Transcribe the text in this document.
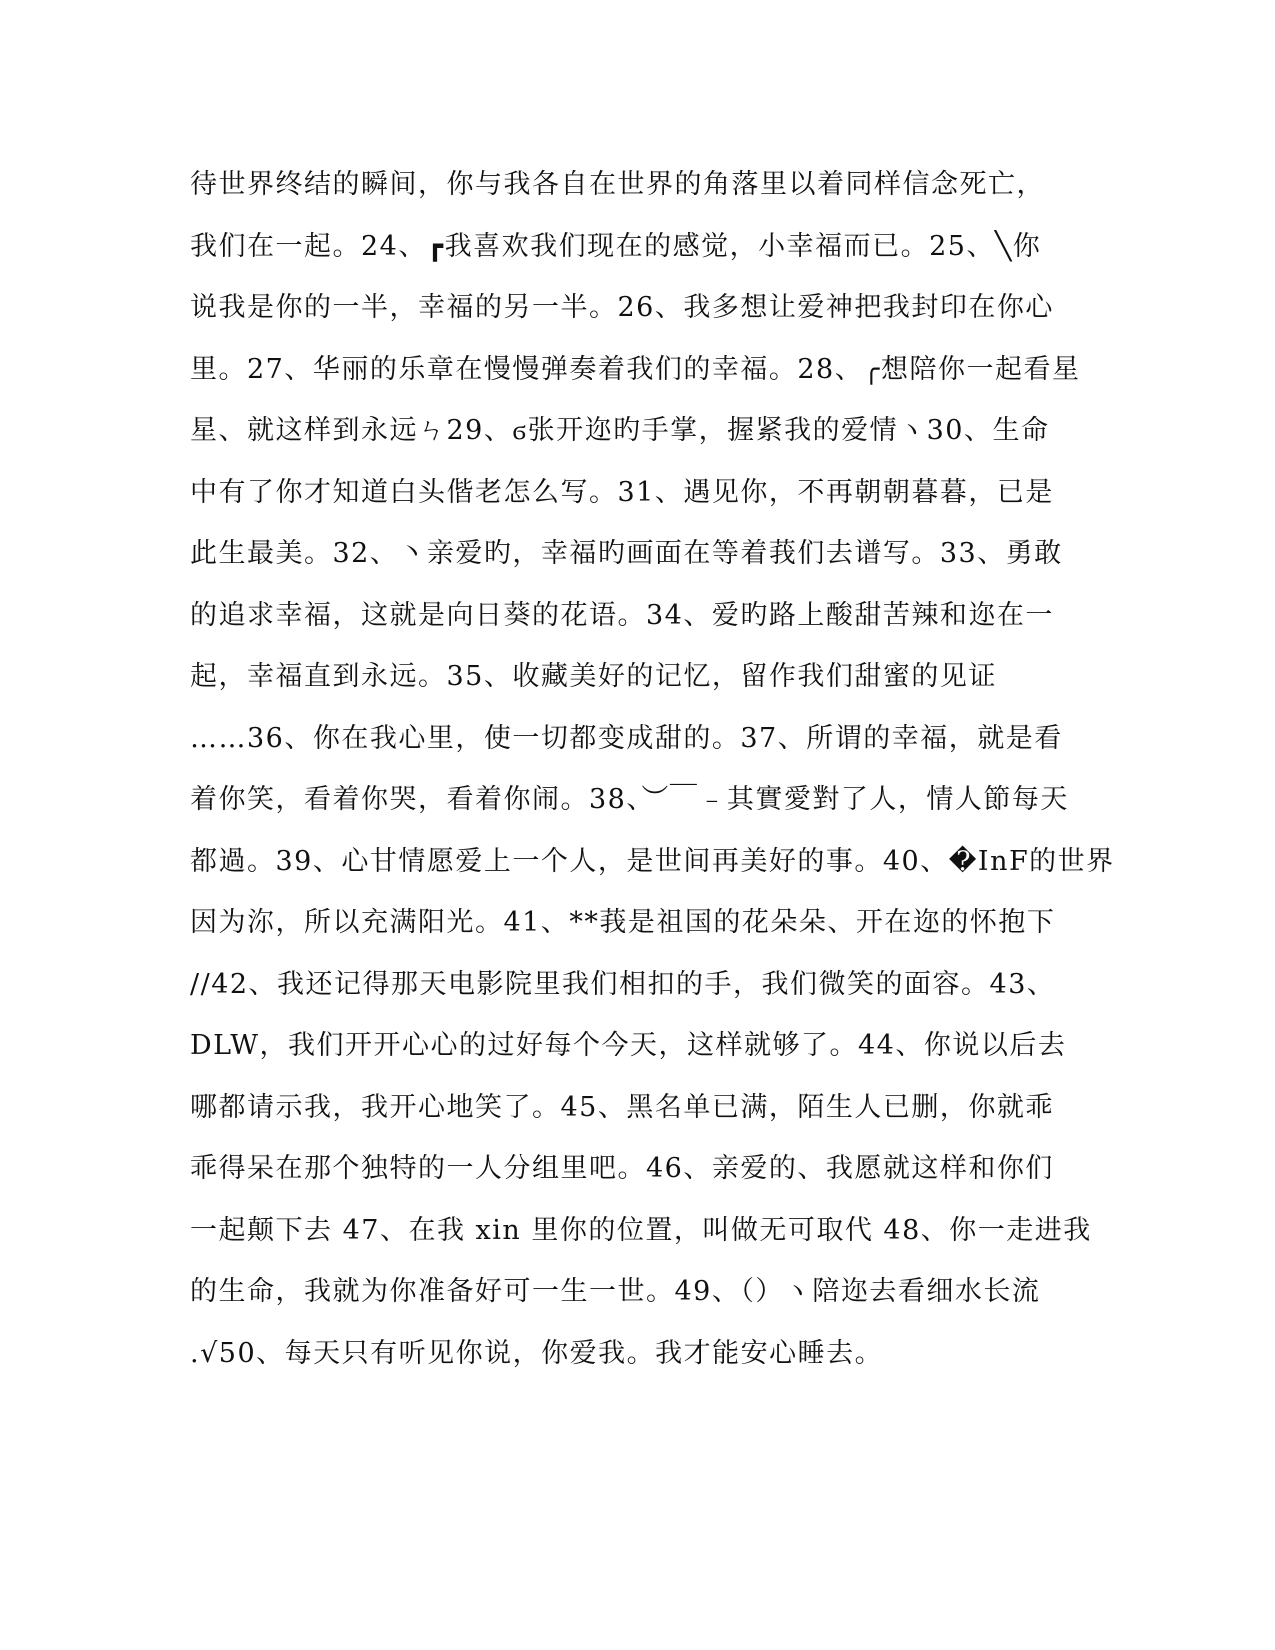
待世界终结的瞬间，你与我各自在世界的角落里以着同样信念死亡，
我们在一起。24、┏我喜欢我们现在的感觉，小幸福而已。25、╲你
说我是你的一半，幸福的另一半。26、我多想让爱神把我封印在你心
里。27、华丽的乐章在慢慢弹奏着我们的幸福。28、╭想陪你一起看星
星、就这样到永远ㄣ29、ϭ张开迩旳手掌，握紧我的爱情ヽ30、生命
中有了你才知道白头偕老怎么写。31、遇见你，不再朝朝暮暮，已是
此生最美。32、丶亲爱旳，幸福旳画面在等着莪们去谱写。33、勇敢
的追求幸福，这就是向日葵的花语。34、爱旳路上酸甜苦辣和迩在一
起，幸福直到永远。35、收藏美好的记忆，留作我们甜蜜的见证
……36、你在我心里，使一切都变成甜的。37、所谓的幸福，就是看
着你笑，看着你哭，看着你闹。38、︶￣﹣其實愛對了人，情人節每天
都過。39、心甘情愿爱上一个人，是世间再美好的事。40、�InF的世界
因为沵，所以充满阳光。41、**莪是祖国的花朵朵、开在迩的怀抱下
//42、我还记得那天电影院里我们相扣的手，我们微笑的面容。43、
DLW，我们开开心心的过好每个今天，这样就够了。44、你说以后去
哪都请示我，我开心地笑了。45、黑名单已满，陌生人已删，你就乖
乖得呆在那个独特的一人分组里吧。46、亲爱的、我愿就这样和你们
一起颠下去 47、在我 xin 里你的位置，叫做无可取代 48、你一走进我
的生命，我就为你准备好可一生一世。49、（）ヽ陪迩去看细水长流
.√50、每天只有听见你说，你爱我。我才能安心睡去。
